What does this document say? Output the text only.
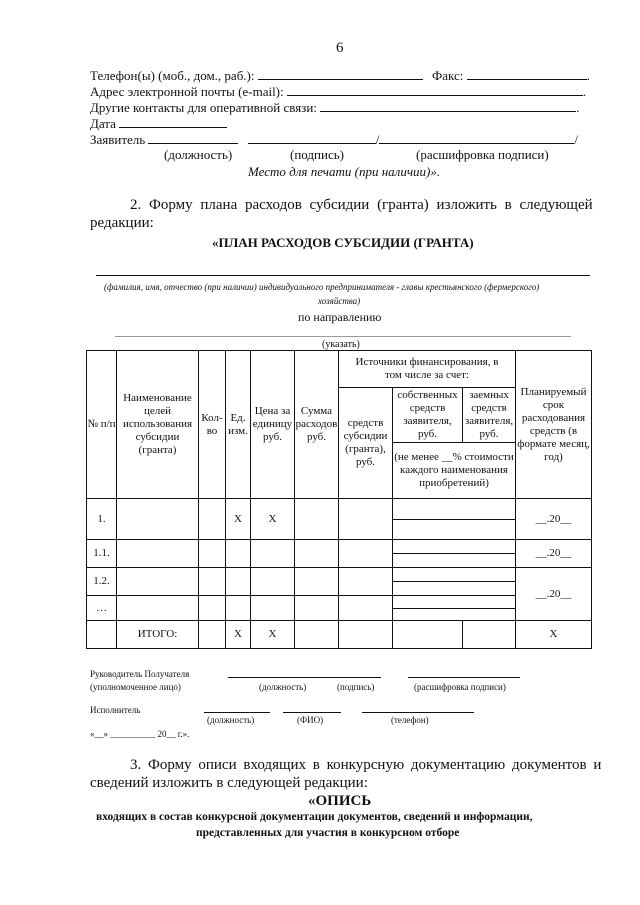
6
Телефон(ы) (моб., дом., раб.):	Факс:	.
Адрес электронной почты (e-mail):	.
Другие контакты для оперативной связи:	.
Дата
Заявитель	/	/
(должность)	(подпись)	(расшифровка подписи)
Место для печати (при наличии)».
2. Форму плана расходов субсидии (гранта) изложить в следующей
редакции:
«ПЛАН РАСХОДОВ СУБСИДИИ (ГРАНТА)
(фамилия, имя, отчество (при наличии) индивидуального предпринимателя - главы крестьянского (фермерского)
хозяйства)
по направлению
(указать)
№ п/п	Наименование целей использования субсидии (гранта)	Кол-во	Ед. изм.	Цена за единицу руб.	Сумма расходов руб.	Источники финансирования, в том числе за счет:			Планируемый срок расходования средств (в формате месяц, год)
						средств субсидии (гранта), руб.	собственных средств заявителя, руб.	заемных средств заявителя, руб.	
							(не менее __% стоимости каждого наименования приобретений)		
1.			X	X					__.20__
1.1.									__.20__
1.2.									__.20__
…									

	ИТОГО:		X	X					X
Руководитель Получателя
(уполномоченное лицо)	(должность)	(подпись)	(расшифровка подписи)
Исполнитель
(должность)	(ФИО)	(телефон)
«__» __________ 20__ г.».
3. Форму описи входящих в конкурсную документацию документов и
сведений изложить в следующей редакции:
«ОПИСЬ
входящих в состав конкурсной документации документов, сведений и информации,
представленных для участия в конкурсном отборе
